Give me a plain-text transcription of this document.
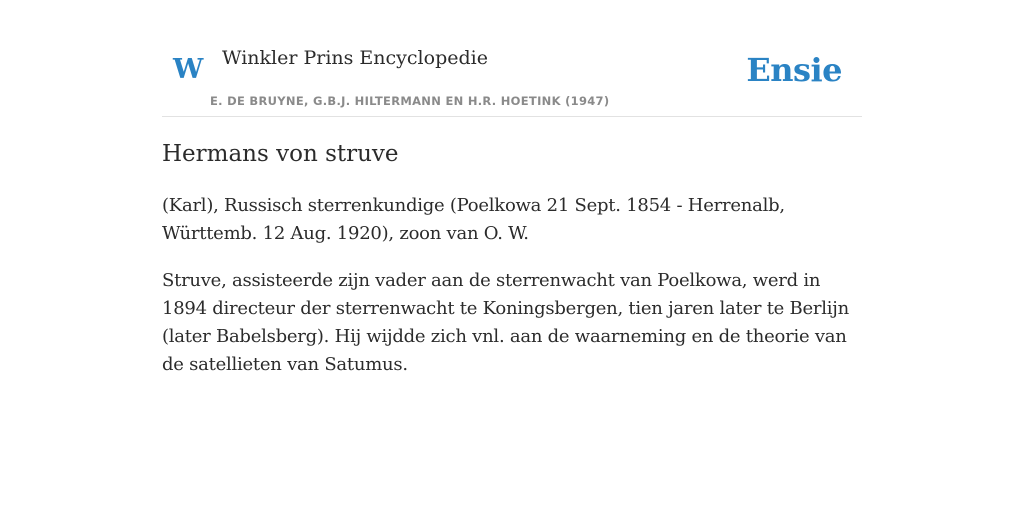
W Winkler Prins Encyclopedie
E. DE BRUYNE, G.B.J. HILTERMANN EN H.R. HOETINK (1947)
Ensie
Hermans von struve

(Karl), Russisch sterrenkundige (Poelkowa 21 Sept. 1854 - Herrenalb, Württemb. 12 Aug. 1920), zoon van O. W.

Struve, assisteerde zijn vader aan de sterrenwacht van Poelkowa, werd in 1894 directeur der sterrenwacht te Koningsbergen, tien jaren later te Berlijn (later Babelsberg). Hij wijdde zich vnl. aan de waarneming en de theorie van de satellieten van Satumus.
